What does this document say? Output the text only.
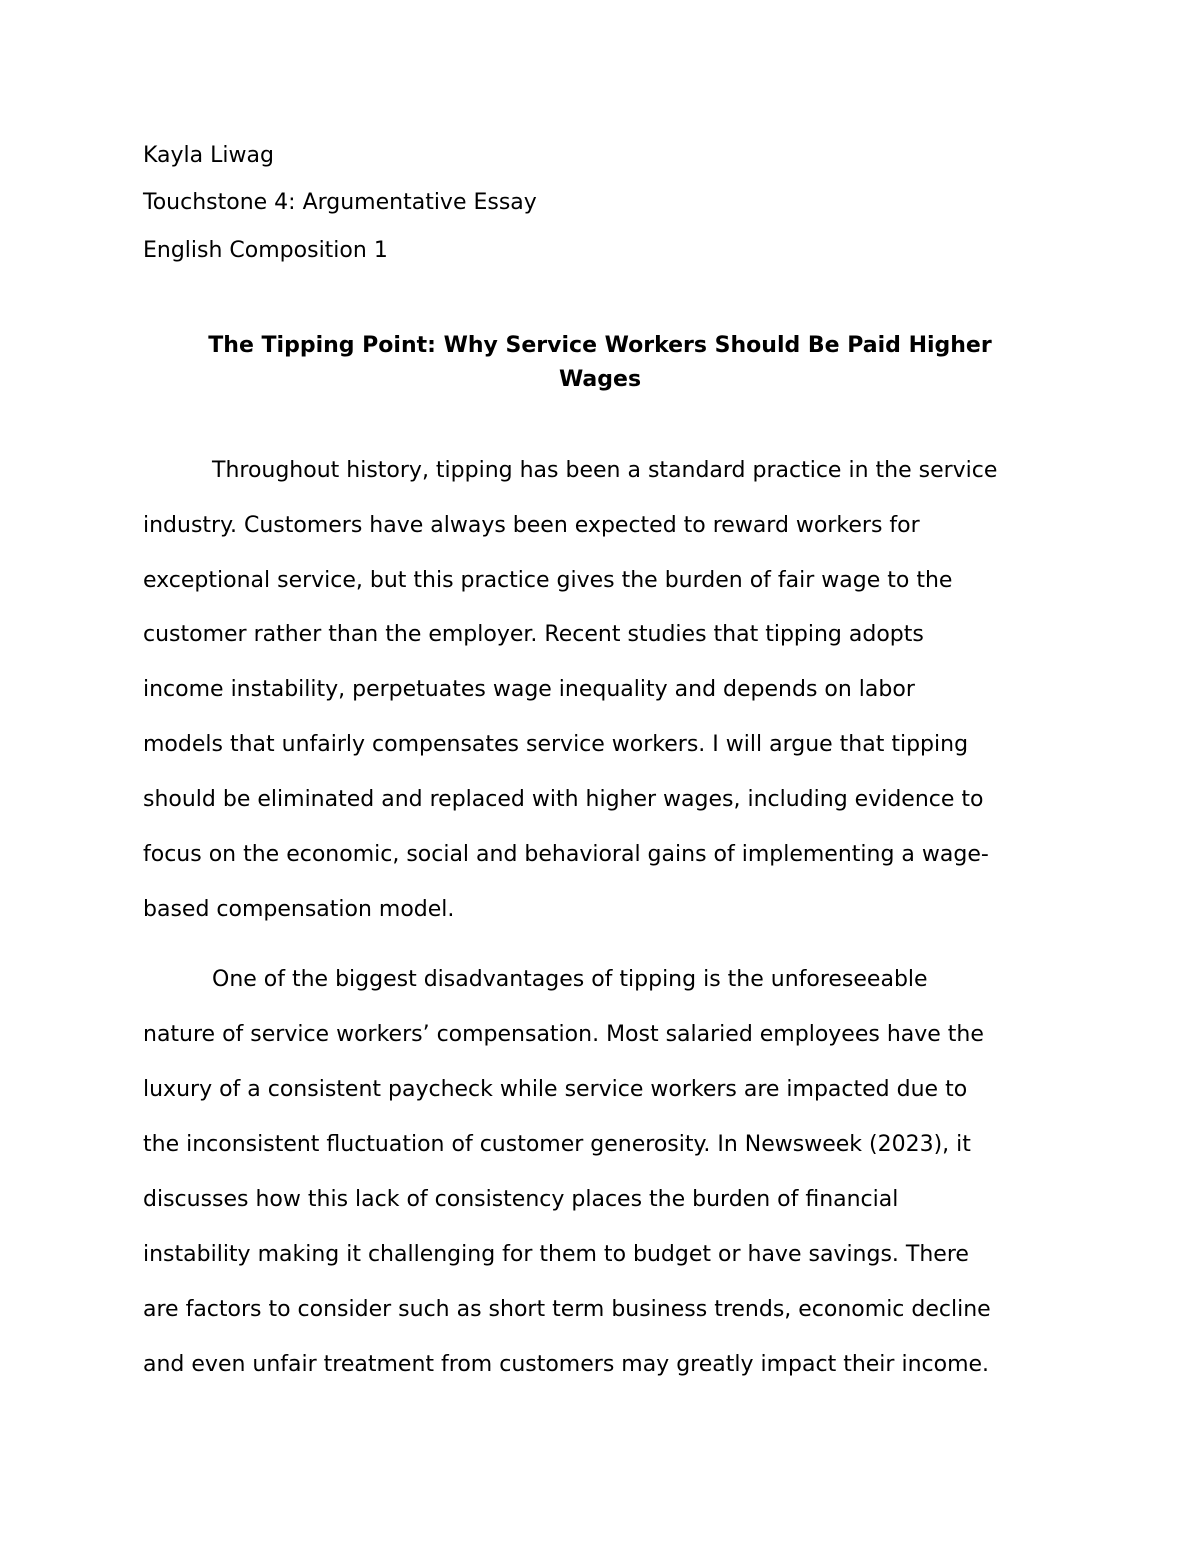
Kayla Liwag
Touchstone 4: Argumentative Essay
English Composition 1
The Tipping Point: Why Service Workers Should Be Paid Higher
Wages
Throughout history, tipping has been a standard practice in the service
industry. Customers have always been expected to reward workers for
exceptional service, but this practice gives the burden of fair wage to the
customer rather than the employer. Recent studies that tipping adopts
income instability, perpetuates wage inequality and depends on labor
models that unfairly compensates service workers. I will argue that tipping
should be eliminated and replaced with higher wages, including evidence to
focus on the economic, social and behavioral gains of implementing a wage-
based compensation model.
One of the biggest disadvantages of tipping is the unforeseeable
nature of service workers’ compensation. Most salaried employees have the
luxury of a consistent paycheck while service workers are impacted due to
the inconsistent fluctuation of customer generosity. In Newsweek (2023), it
discusses how this lack of consistency places the burden of financial
instability making it challenging for them to budget or have savings. There
are factors to consider such as short term business trends, economic decline
and even unfair treatment from customers may greatly impact their income.
